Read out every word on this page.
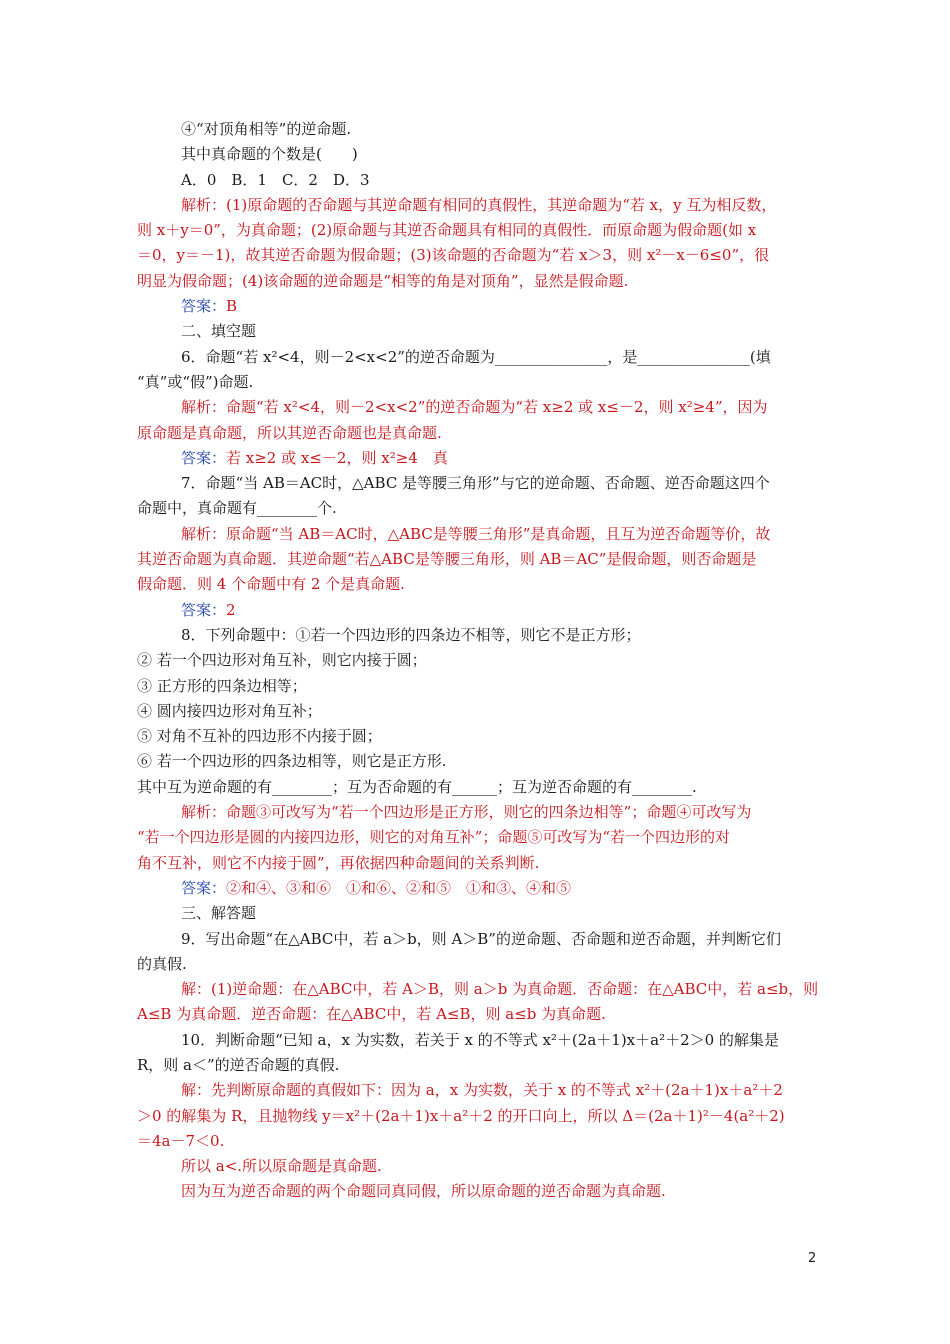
④“对顶角相等”的逆命题.
其中真命题的个数是(　　)
A．0　B．1　C．2　D．3
解析：(1)原命题的否命题与其逆命题有相同的真假性，其逆命题为“若 x，y 互为相反数，
则 x＋y＝0”，为真命题；(2)原命题与其逆否命题具有相同的真假性．而原命题为假命题(如 x
＝0，y＝－1)，故其逆否命题为假命题；(3)该命题的否命题为“若 x＞3，则 x²－x－6≤0”，很
明显为假命题；(4)该命题的逆命题是“相等的角是对顶角”，显然是假命题.
答案：B
二、填空题
6．命题“若 x²<4，则－2<x<2”的逆否命题为_______________，是_______________(填
“真”或“假”)命题.
解析：命题“若 x²<4，则－2<x<2”的逆否命题为“若 x≥2 或 x≤－2，则 x²≥4”，因为
原命题是真命题，所以其逆否命题也是真命题.
答案：若 x≥2 或 x≤－2，则 x²≥4　真
7．命题“当 AB＝AC时，△ABC 是等腰三角形”与它的逆命题、否命题、逆否命题这四个
命题中，真命题有________个.
解析：原命题“当 AB＝AC时，△ABC是等腰三角形”是真命题，且互为逆否命题等价，故
其逆否命题为真命题．其逆命题“若△ABC是等腰三角形，则 AB＝AC”是假命题，则否命题是
假命题．则 4 个命题中有 2 个是真命题.
答案：2
8．下列命题中：①若一个四边形的四条边不相等，则它不是正方形；
② 若一个四边形对角互补，则它内接于圆；
③ 正方形的四条边相等；
④ 圆内接四边形对角互补；
⑤ 对角不互补的四边形不内接于圆；
⑥ 若一个四边形的四条边相等，则它是正方形.
其中互为逆命题的有________；互为否命题的有______；互为逆否命题的有________.
解析：命题③可改写为“若一个四边形是正方形，则它的四条边相等”；命题④可改写为
“若一个四边形是圆的内接四边形，则它的对角互补”；命题⑤可改写为“若一个四边形的对
角不互补，则它不内接于圆”，再依据四种命题间的关系判断.
答案：②和④、③和⑥　①和⑥、②和⑤　①和③、④和⑤
三、解答题
9．写出命题“在△ABC中，若 a＞b，则 A＞B”的逆命题、否命题和逆否命题，并判断它们
的真假.
解：(1)逆命题：在△ABC中，若 A＞B，则 a＞b 为真命题．否命题：在△ABC中，若 a≤b，则
A≤B 为真命题．逆否命题：在△ABC中，若 A≤B，则 a≤b 为真命题.
10．判断命题“已知 a，x 为实数，若关于 x 的不等式 x²＋(2a＋1)x＋a²＋2＞0 的解集是
R，则 a＜”的逆否命题的真假.
解：先判断原命题的真假如下：因为 a，x 为实数，关于 x 的不等式 x²＋(2a＋1)x＋a²＋2
＞0 的解集为 R，且抛物线 y＝x²＋(2a＋1)x＋a²＋2 的开口向上，所以 Δ＝(2a＋1)²－4(a²＋2)
＝4a－7＜0.
所以 a<.所以原命题是真命题.
因为互为逆否命题的两个命题同真同假，所以原命题的逆否命题为真命题.
2
